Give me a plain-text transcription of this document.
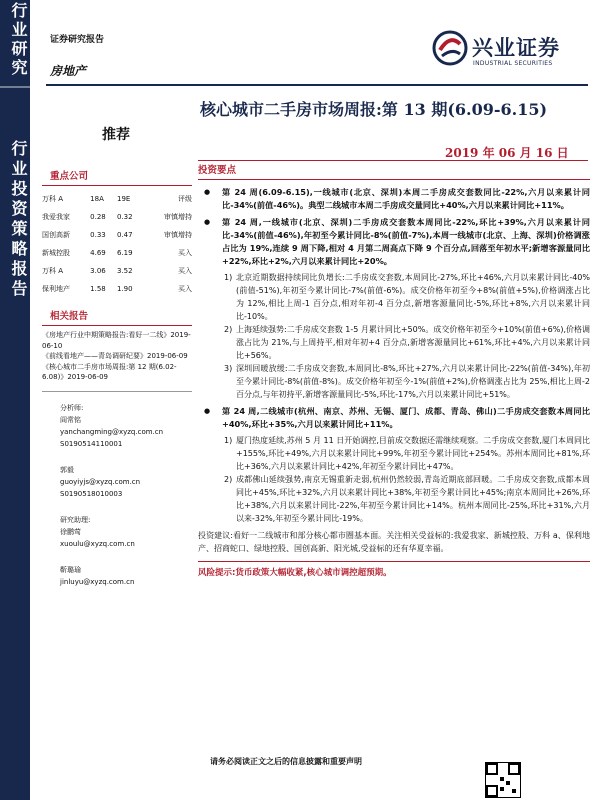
行业研究
行业投资策略报告
证券研究报告
房地产
兴业证券
INDUSTRIAL SECURITIES
核心城市二手房市场周报:第 13 期(6.09-6.15)
推荐
2019 年 06 月 16 日
重点公司
万科 A	18A	19E	评级
我爱我家	0.28	0.32	审慎增持
国创高新	0.33	0.47	审慎增持
新城控股	4.69	6.19	买入
万科 A	3.06	3.52	买入
保利地产	1.58	1.90	买入
相关报告
《房地产行业中期策略报告:看好一二线》2019-06-10
《前线看地产——青岛调研纪要》2019-06-09
《核心城市二手房市场周报:第 12 期(6.02-6.08)》2019-06-09
分析师:
阎常铭
yanchangming@xyzq.com.cn
S0190514110001
郭毅
guoyiyjs@xyzq.com.cn
S0190518010003
研究助理:
徐鹏莺
xuoulu@xyzq.com.cn
靳璐瑜
jinluyu@xyzq.com.cn
投资要点
● 第 24 周(6.09-6.15),一线城市(北京、深圳)本周二手房成交套数同比-22%,六月以来累计同比-34%(前值-46%)。典型二线城市本周二手房成交量同比+40%,六月以来累计同比+11%。
● 第 24 周,一线城市(北京、深圳)二手房成交套数本周同比-22%,环比+39%,六月以来累计同比-34%(前值-46%),年初至今累计同比-8%(前值-7%),本周一线城市(北京、上海、深圳)价格调涨占比为 19%,连续 9 周下降,相对 4 月第二周高点下降 9 个百分点,回落至年初水平;新增客源量同比+22%,环比+2%,六月以来累计同比+20%。
1) 北京近期数据持续同比负增长:二手房成交套数,本周同比-27%,环比+46%,六月以来累计同比-40%(前值-51%),年初至今累计同比-7%(前值-6%)。成交价格年初至今+8%(前值+5%),价格调涨占比为 12%,相比上周-1 百分点,相对年初-4 百分点,新增客源量同比-5%,环比+8%,六月以来累计同比-10%。
2) 上海延续强势:二手房成交套数 1-5 月累计同比+50%。成交价格年初至今+10%(前值+6%),价格调涨占比为 21%,与上周持平,相对年初+4 百分点,新增客源量同比+61%,环比+4%,六月以来累计同比+56%。
3) 深圳回暖放缓:二手房成交套数,本周同比-8%,环比+27%,六月以来累计同比-22%(前值-34%),年初至今累计同比-8%(前值-8%)。成交价格年初至今-1%(前值+2%),价格调涨占比为 25%,相比上周-2 百分点,与年初持平,新增客源量同比-5%,环比-17%,六月以来累计同比+51%。
● 第 24 周,二线城市(杭州、南京、苏州、无锡、厦门、成都、青岛、佛山)二手房成交套数本周同比+40%,环比+35%,六月以来累计同比+11%。
1) 厦门热度延续,苏州 5 月 11 日开始调控,目前成交数据还需继续观察。二手房成交套数,厦门本周同比+155%,环比+49%,六月以来累计同比+99%,年初至今累计同比+254%。苏州本周同比+81%,环比+36%,六月以来累计同比+42%,年初至今累计同比+47%。
2) 成都佛山延续强势,南京无锡重新走弱,杭州仍然较弱,青岛近期底部回暖。二手房成交套数,成都本周同比+45%,环比+32%,六月以来累计同比+38%,年初至今累计同比+45%;南京本周同比+26%,环比+38%,六月以来累计同比-22%,年初至今累计同比+14%。杭州本周同比-25%,环比+31%,六月以来-32%,年初至今累计同比-19%。
投资建议:看好一二线城市和部分核心都市圈基本面。关注相关受益标的:我爱我家、新城控股、万科 a、保利地产、招商蛇口、绿地控股、国创高新、阳光城,受益标的还有华夏幸福。
风险提示:货币政策大幅收紧,核心城市调控超预期。
请务必阅读正文之后的信息披露和重要声明
